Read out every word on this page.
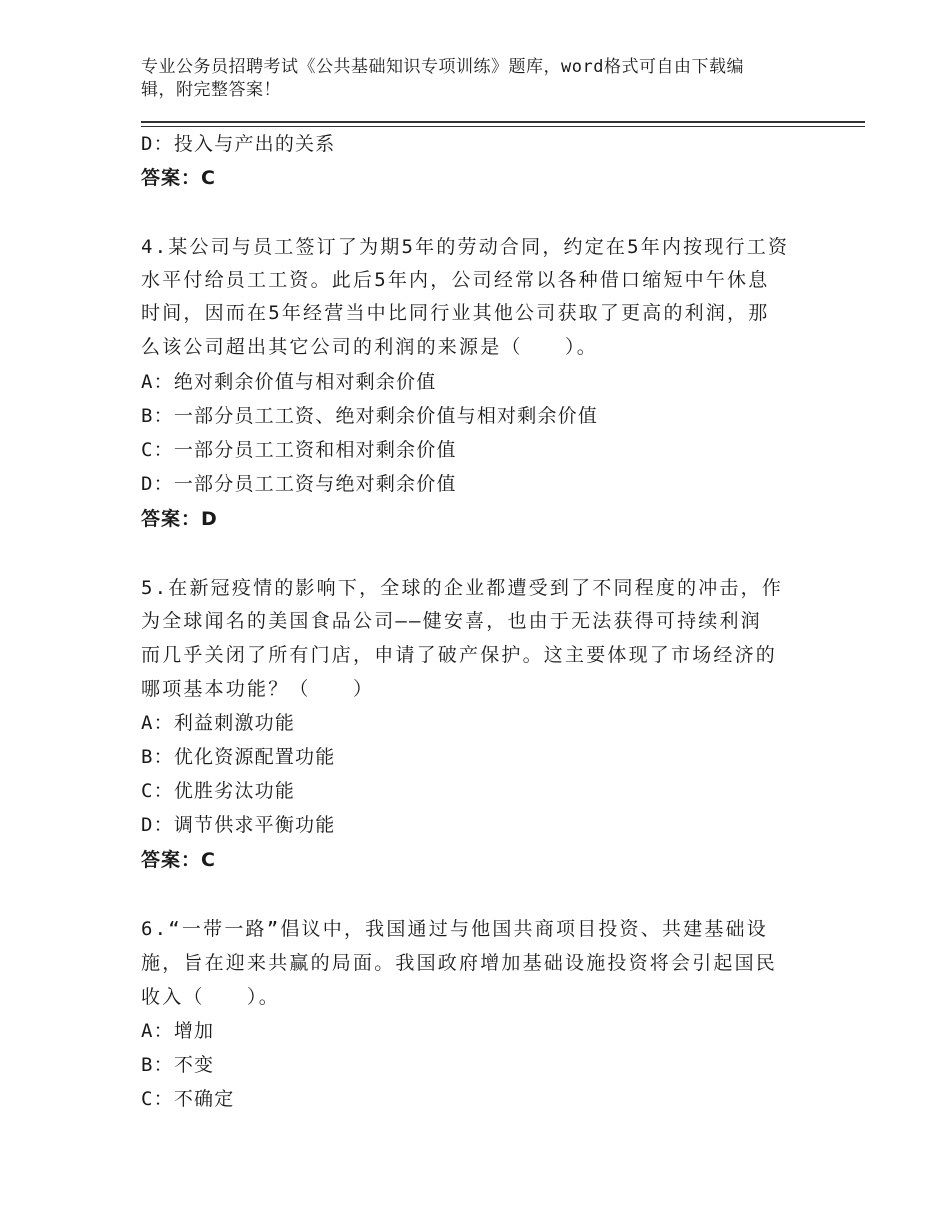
专业公务员招聘考试《公共基础知识专项训练》题库，word格式可自由下载编
辑，附完整答案！
D：投入与产出的关系
答案：C
4.某公司与员工签订了为期5年的劳动合同，约定在5年内按现行工资
水平付给员工工资。此后5年内，公司经常以各种借口缩短中午休息
时间，因而在5年经营当中比同行业其他公司获取了更高的利润，那
么该公司超出其它公司的利润的来源是（　　）。
A：绝对剩余价值与相对剩余价值
B：一部分员工工资、绝对剩余价值与相对剩余价值
C：一部分员工工资和相对剩余价值
D：一部分员工工资与绝对剩余价值
答案：D
5.在新冠疫情的影响下，全球的企业都遭受到了不同程度的冲击，作
为全球闻名的美国食品公司——健安喜，也由于无法获得可持续利润
而几乎关闭了所有门店，申请了破产保护。这主要体现了市场经济的
哪项基本功能？（　　）
A：利益刺激功能
B：优化资源配置功能
C：优胜劣汰功能
D：调节供求平衡功能
答案：C
6.“一带一路”倡议中，我国通过与他国共商项目投资、共建基础设
施，旨在迎来共赢的局面。我国政府增加基础设施投资将会引起国民
收入（　　）。
A：增加
B：不变
C：不确定
